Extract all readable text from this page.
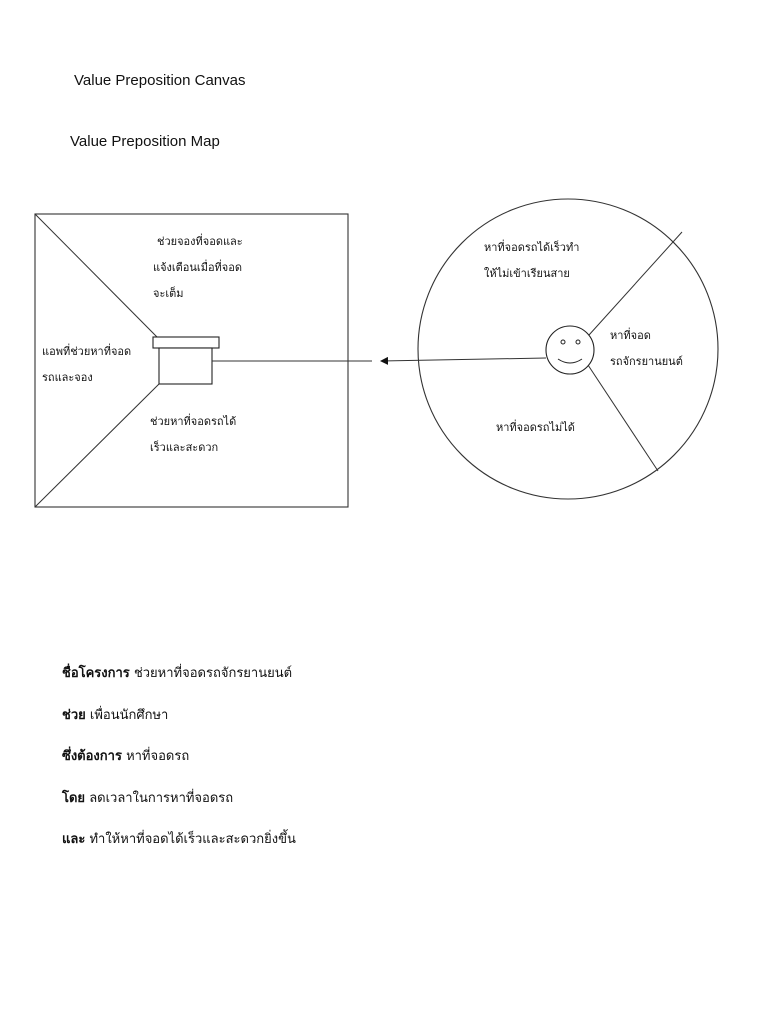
Value Preposition Canvas
Value Preposition Map
ช่วยจองที่จอดและ แจ้งเตือนเมื่อที่จอด จะเต็ม
แอพที่ช่วยหาที่จอด รถและจอง
ช่วยหาที่จอดรถได้ เร็วและสะดวก
หาที่จอดรถได้เร็วทำ ให้ไม่เข้าเรียนสาย
หาที่จอด รถจักรยานยนต์
หาที่จอดรถไม่ได้
ชื่อโครงการ ช่วยหาที่จอดรถจักรยานยนต์
ช่วย เพื่อนนักศึกษา
ซึ่งต้องการ หาที่จอดรถ
โดย ลดเวลาในการหาที่จอดรถ
และ ทำให้หาที่จอดได้เร็วและสะดวกยิ่งขึ้น
